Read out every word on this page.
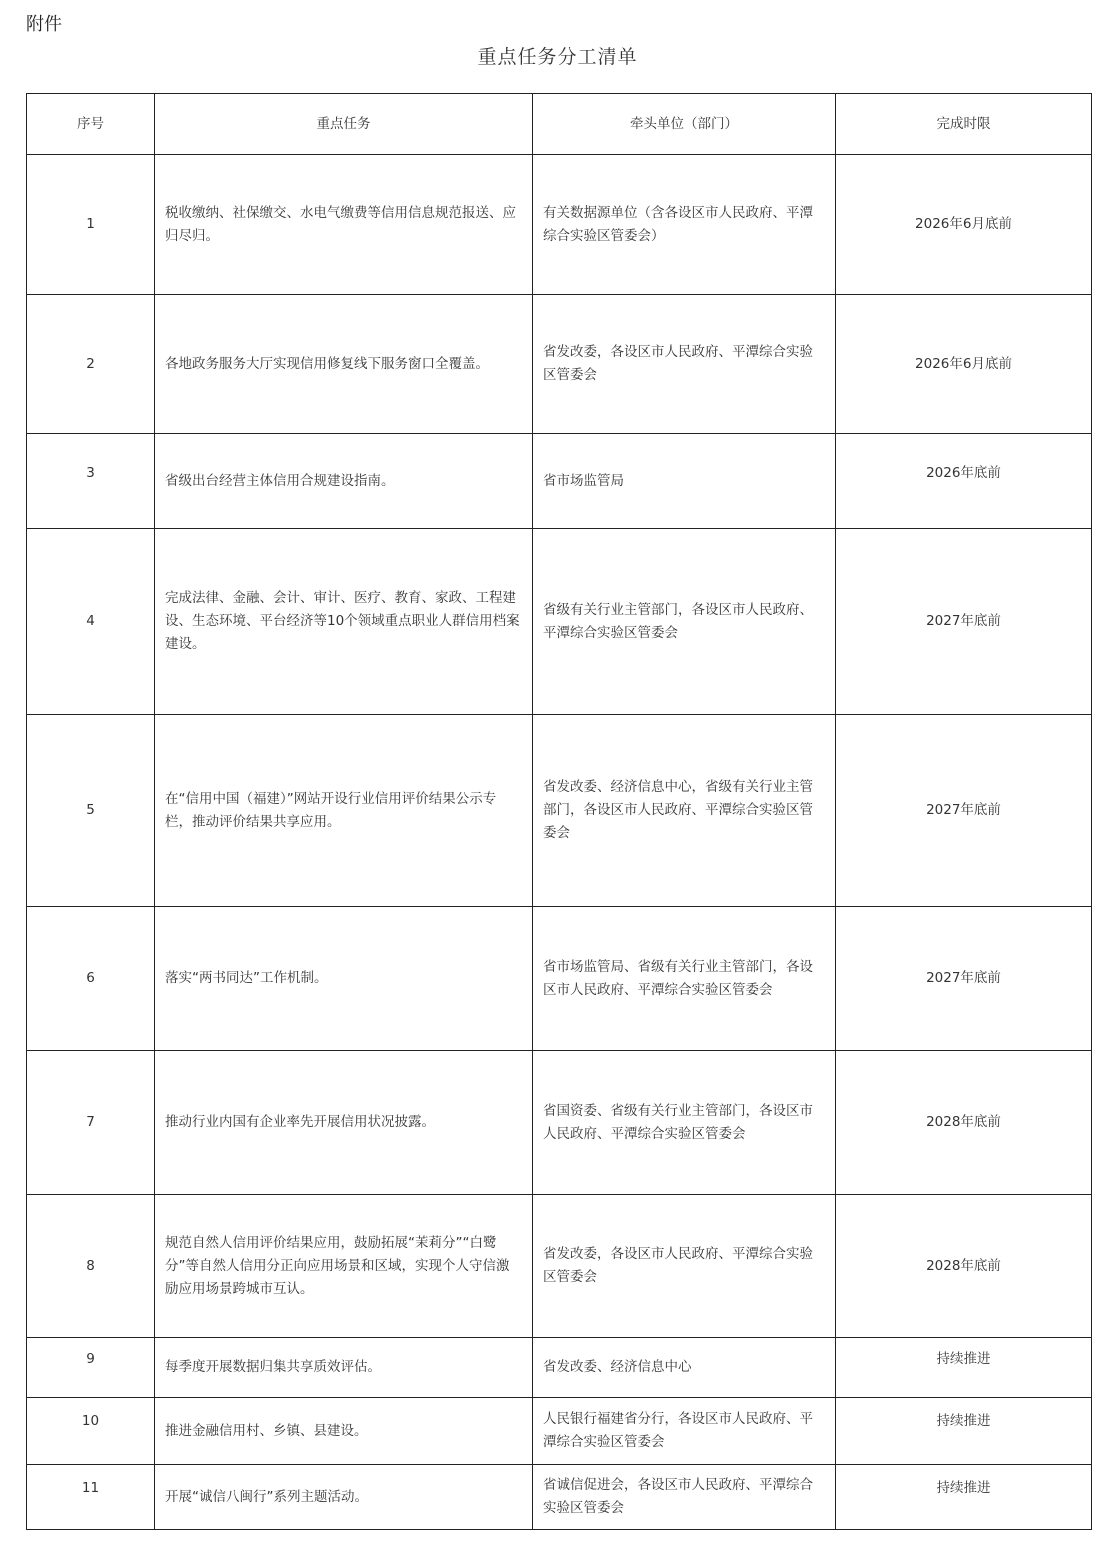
附件
重点任务分工清单
序号	重点任务	牵头单位（部门）	完成时限
1	税收缴纳、社保缴交、水电气缴费等信用信息规范报送、应归尽归。	有关数据源单位（含各设区市人民政府、平潭综合实验区管委会）	2026年6月底前
2	各地政务服务大厅实现信用修复线下服务窗口全覆盖。	省发改委，各设区市人民政府、平潭综合实验区管委会	2026年6月底前
3	省级出台经营主体信用合规建设指南。	省市场监管局	2026年底前
4	完成法律、金融、会计、审计、医疗、教育、家政、工程建设、生态环境、平台经济等10个领域重点职业人群信用档案建设。	省级有关行业主管部门，各设区市人民政府、平潭综合实验区管委会	2027年底前
5	在“信用中国（福建）”网站开设行业信用评价结果公示专栏，推动评价结果共享应用。	省发改委、经济信息中心，省级有关行业主管部门，各设区市人民政府、平潭综合实验区管委会	2027年底前
6	落实“两书同达”工作机制。	省市场监管局、省级有关行业主管部门，各设区市人民政府、平潭综合实验区管委会	2027年底前
7	推动行业内国有企业率先开展信用状况披露。	省国资委、省级有关行业主管部门，各设区市人民政府、平潭综合实验区管委会	2028年底前
8	规范自然人信用评价结果应用，鼓励拓展“茉莉分”“白鹭分”等自然人信用分正向应用场景和区域，实现个人守信激励应用场景跨城市互认。	省发改委，各设区市人民政府、平潭综合实验区管委会	2028年底前
9	每季度开展数据归集共享质效评估。	省发改委、经济信息中心	持续推进
10	推进金融信用村、乡镇、县建设。	人民银行福建省分行，各设区市人民政府、平潭综合实验区管委会	持续推进
11	开展“诚信八闽行”系列主题活动。	省诚信促进会，各设区市人民政府、平潭综合实验区管委会	持续推进
